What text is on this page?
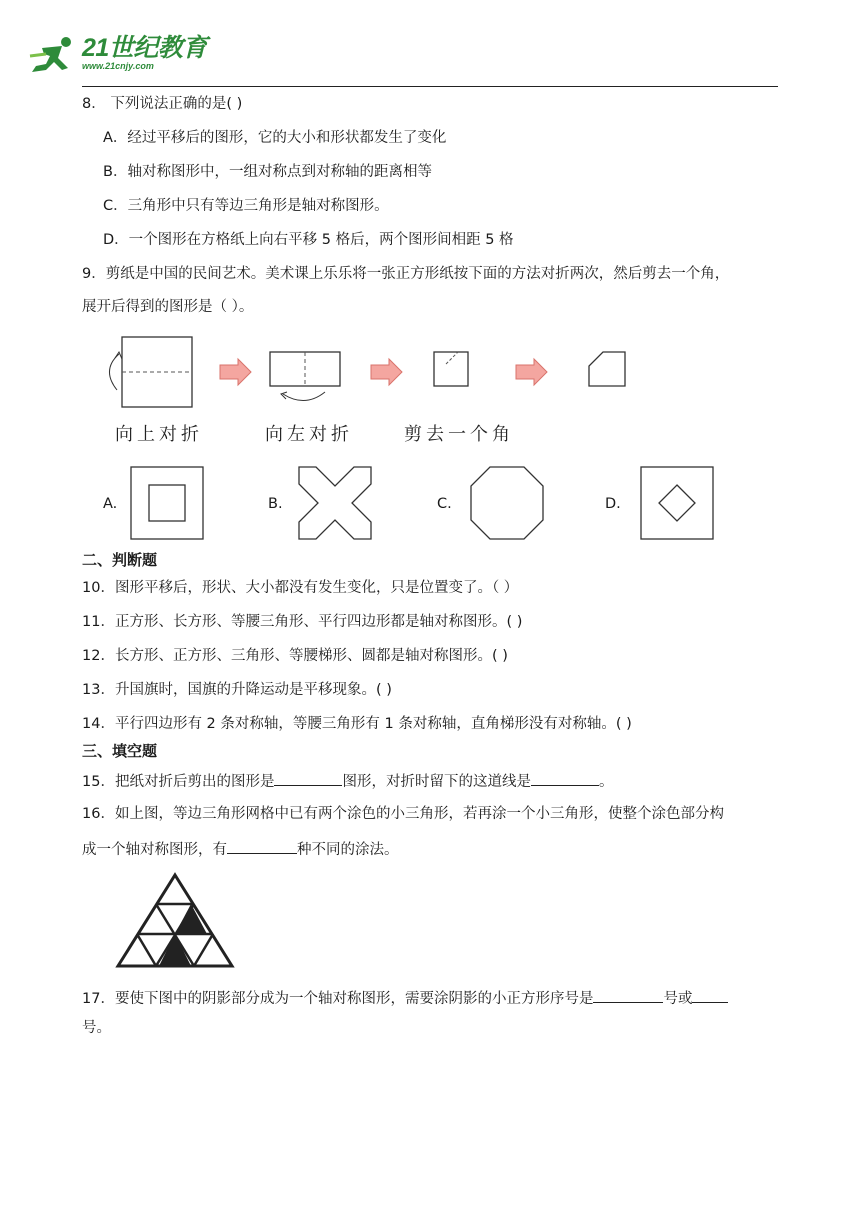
21世纪教育
www.21cnjy.com
8． 下列说法正确的是( )
A．经过平移后的图形，它的大小和形状都发生了变化
B．轴对称图形中，一组对称点到对称轴的距离相等
C．三角形中只有等边三角形是轴对称图形。
D．一个图形在方格纸上向右平移 5 格后，两个图形间相距 5 格
9．剪纸是中国的民间艺术。美术课上乐乐将一张正方形纸按下面的方法对折两次，然后剪去一个角，
展开后得到的图形是（ ）。
向上对折	向左对折	剪去一个角
A.	B.	C.	D.
二、判断题
10．图形平移后，形状、大小都没有发生变化，只是位置变了。（ ）
11．正方形、长方形、等腰三角形、平行四边形都是轴对称图形。( )
12．长方形、正方形、三角形、等腰梯形、圆都是轴对称图形。( )
13．升国旗时，国旗的升降运动是平移现象。( )
14．平行四边形有 2 条对称轴，等腰三角形有 1 条对称轴，直角梯形没有对称轴。( )
三、填空题
15．把纸对折后剪出的图形是	图形，对折时留下的这道线是	。
16．如上图，等边三角形网格中已有两个涂色的小三角形，若再涂一个小三角形，使整个涂色部分构
成一个轴对称图形，有	种不同的涂法。
17．要使下图中的阴影部分成为一个轴对称图形，需要涂阴影的小正方形序号是	号或
号。
